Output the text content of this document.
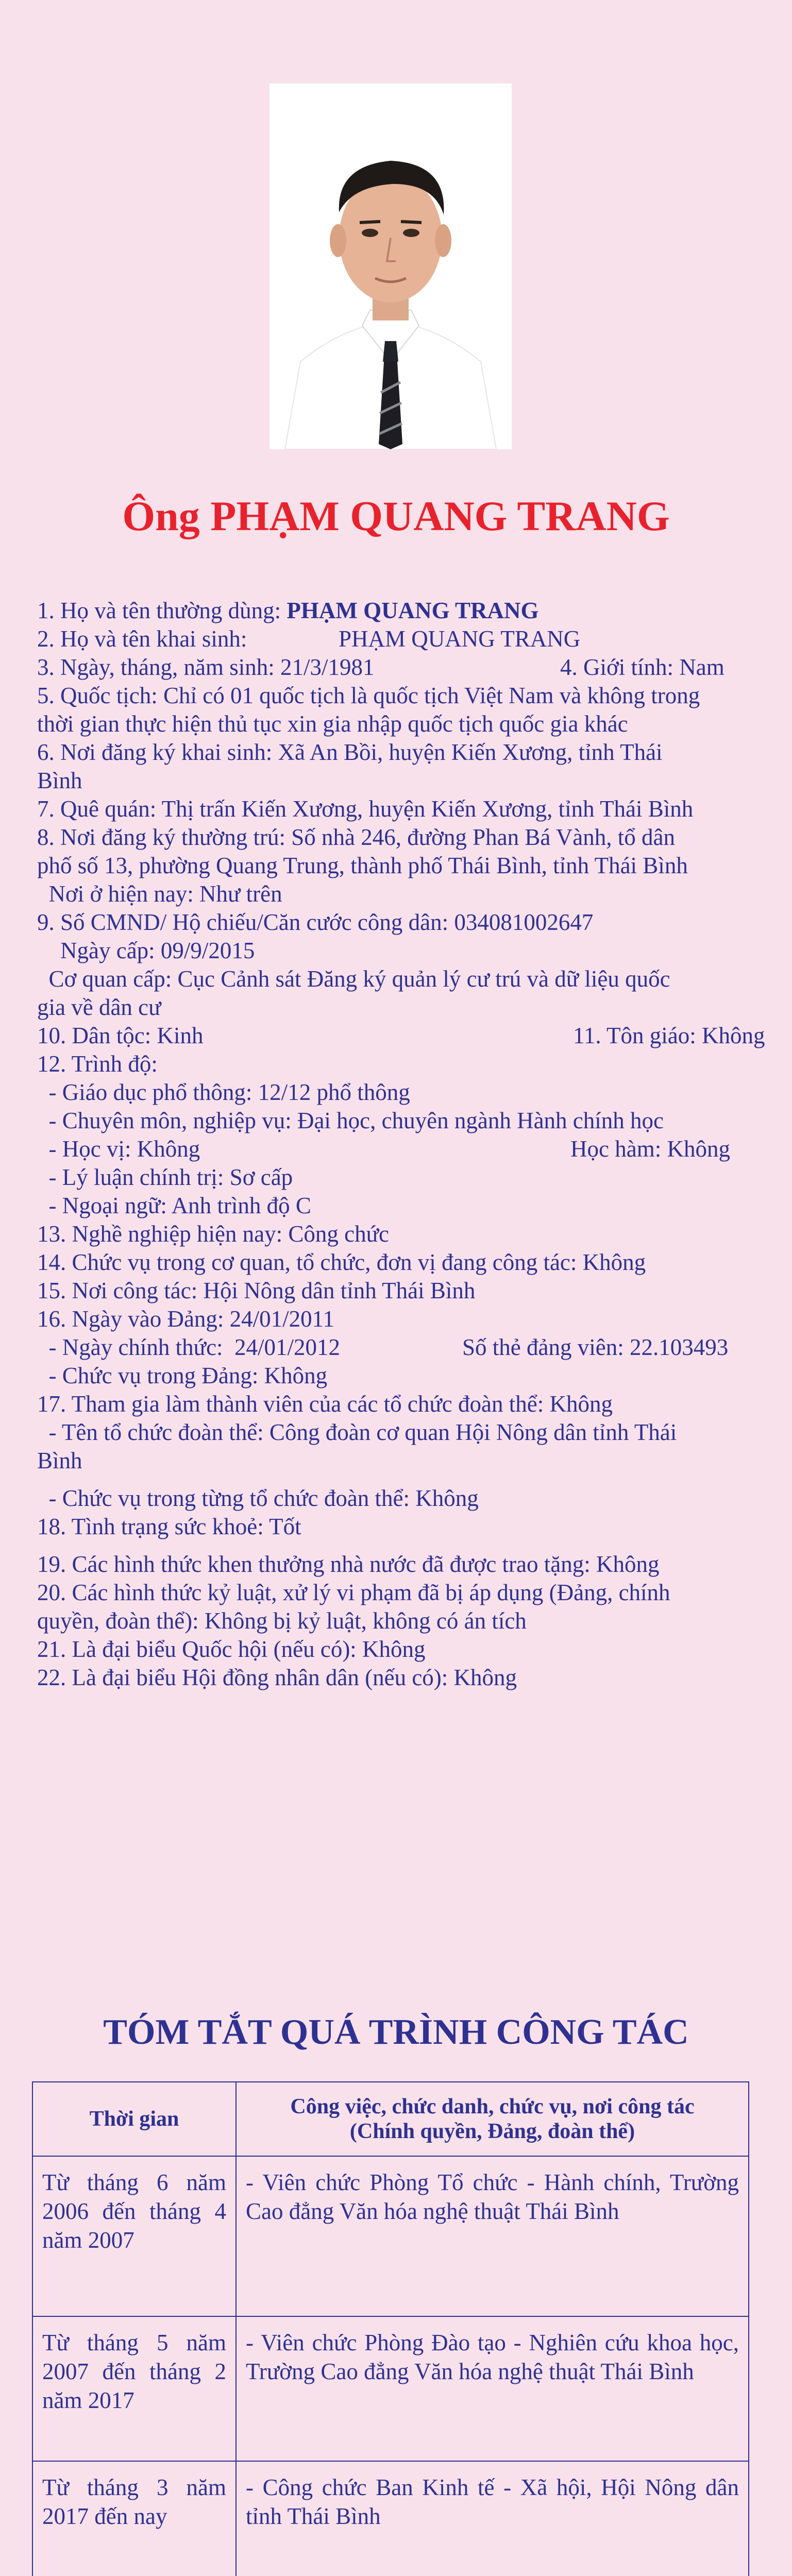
Ông PHẠM QUANG TRANG
1. Họ và tên thường dùng: PHẠM QUANG TRANG
2. Họ và tên khai sinh:	PHẠM QUANG TRANG
3. Ngày, tháng, năm sinh: 21/3/1981	4. Giới tính: Nam
5. Quốc tịch: Chỉ có 01 quốc tịch là quốc tịch Việt Nam và không trong
thời gian thực hiện thủ tục xin gia nhập quốc tịch quốc gia khác
6. Nơi đăng ký khai sinh: Xã An Bồi, huyện Kiến Xương, tỉnh Thái
Bình
7. Quê quán: Thị trấn Kiến Xương, huyện Kiến Xương, tỉnh Thái Bình
8. Nơi đăng ký thường trú: Số nhà 246, đường Phan Bá Vành, tổ dân
phố số 13, phường Quang Trung, thành phố Thái Bình, tỉnh Thái Bình
Nơi ở hiện nay: Như trên
9. Số CMND/ Hộ chiếu/Căn cước công dân: 034081002647
Ngày cấp: 09/9/2015
Cơ quan cấp: Cục Cảnh sát Đăng ký quản lý cư trú và dữ liệu quốc
gia về dân cư
10. Dân tộc: Kinh	11. Tôn giáo: Không
12. Trình độ:
- Giáo dục phổ thông: 12/12 phổ thông
- Chuyên môn, nghiệp vụ: Đại học, chuyên ngành Hành chính học
- Học vị: Không	Học hàm: Không
- Lý luận chính trị: Sơ cấp
- Ngoại ngữ: Anh trình độ C
13. Nghề nghiệp hiện nay: Công chức
14. Chức vụ trong cơ quan, tổ chức, đơn vị đang công tác: Không
15. Nơi công tác: Hội Nông dân tỉnh Thái Bình
16. Ngày vào Đảng: 24/01/2011
- Ngày chính thức:  24/01/2012	Số thẻ đảng viên: 22.103493
- Chức vụ trong Đảng: Không
17. Tham gia làm thành viên của các tổ chức đoàn thể: Không
- Tên tổ chức đoàn thể: Công đoàn cơ quan Hội Nông dân tỉnh Thái
Bình
- Chức vụ trong từng tổ chức đoàn thể: Không
18. Tình trạng sức khoẻ: Tốt
19. Các hình thức khen thưởng nhà nước đã được trao tặng: Không
20. Các hình thức kỷ luật, xử lý vi phạm đã bị áp dụng (Đảng, chính
quyền, đoàn thể): Không bị kỷ luật, không có án tích
21. Là đại biểu Quốc hội (nếu có): Không
22. Là đại biểu Hội đồng nhân dân (nếu có): Không
TÓM TẮT QUÁ TRÌNH CÔNG TÁC
Thời gian	Công việc, chức danh, chức vụ, nơi công tác
(Chính quyền, Đảng, đoàn thể)

Từ tháng 6 năm 2006 đến tháng 4 năm 2007	- Viên chức Phòng Tổ chức - Hành chính, Trường Cao đẳng Văn hóa nghệ thuật Thái Bình
Từ tháng 5 năm 2007 đến tháng 2 năm 2017	- Viên chức Phòng Đào tạo - Nghiên cứu khoa học, Trường Cao đẳng Văn hóa nghệ thuật Thái Bình
Từ tháng 3 năm 2017 đến nay	- Công chức Ban Kinh tế - Xã hội, Hội Nông dân tỉnh Thái Bình
